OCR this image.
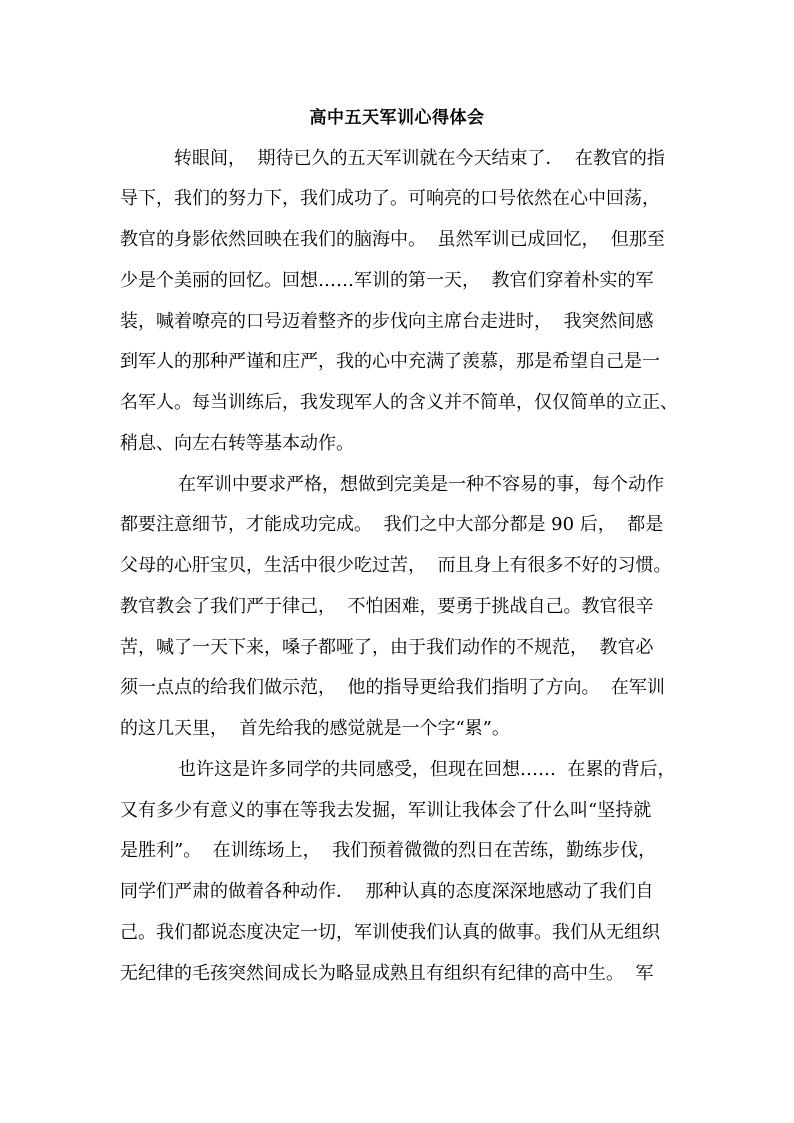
高中五天军训心得体会
转眼间，  期待已久的五天军训就在今天结束了．  在教官的指
导下，我们的努力下，我们成功了。可响亮的口号依然在心中回荡，
教官的身影依然回映在我们的脑海中。  虽然军训已成回忆，  但那至
少是个美丽的回忆。回想……军训的第一天，  教官们穿着朴实的军
装，喊着嘹亮的口号迈着整齐的步伐向主席台走进时，  我突然间感
到军人的那种严谨和庄严，我的心中充满了羡慕，那是希望自己是一
名军人。每当训练后，我发现军人的含义并不简单，仅仅简单的立正、
稍息、向左右转等基本动作。
在军训中要求严格，想做到完美是一种不容易的事，每个动作
都要注意细节，才能成功完成。  我们之中大部分都是 90 后，  都是
父母的心肝宝贝，生活中很少吃过苦，  而且身上有很多不好的习惯。
教官教会了我们严于律己，  不怕困难，要勇于挑战自己。教官很辛
苦，喊了一天下来，嗓子都哑了，由于我们动作的不规范，  教官必
须一点点的给我们做示范，  他的指导更给我们指明了方向。  在军训
的这几天里，  首先给我的感觉就是一个字“累”。
也许这是许多同学的共同感受，但现在回想……  在累的背后，
又有多少有意义的事在等我去发掘，军训让我体会了什么叫“坚持就
是胜利”。  在训练场上，  我们预着微微的烈日在苦练，勤练步伐，
同学们严肃的做着各种动作．  那种认真的态度深深地感动了我们自
己。我们都说态度决定一切，军训使我们认真的做事。我们从无组织
无纪律的毛孩突然间成长为略显成熟且有组织有纪律的高中生。  军
